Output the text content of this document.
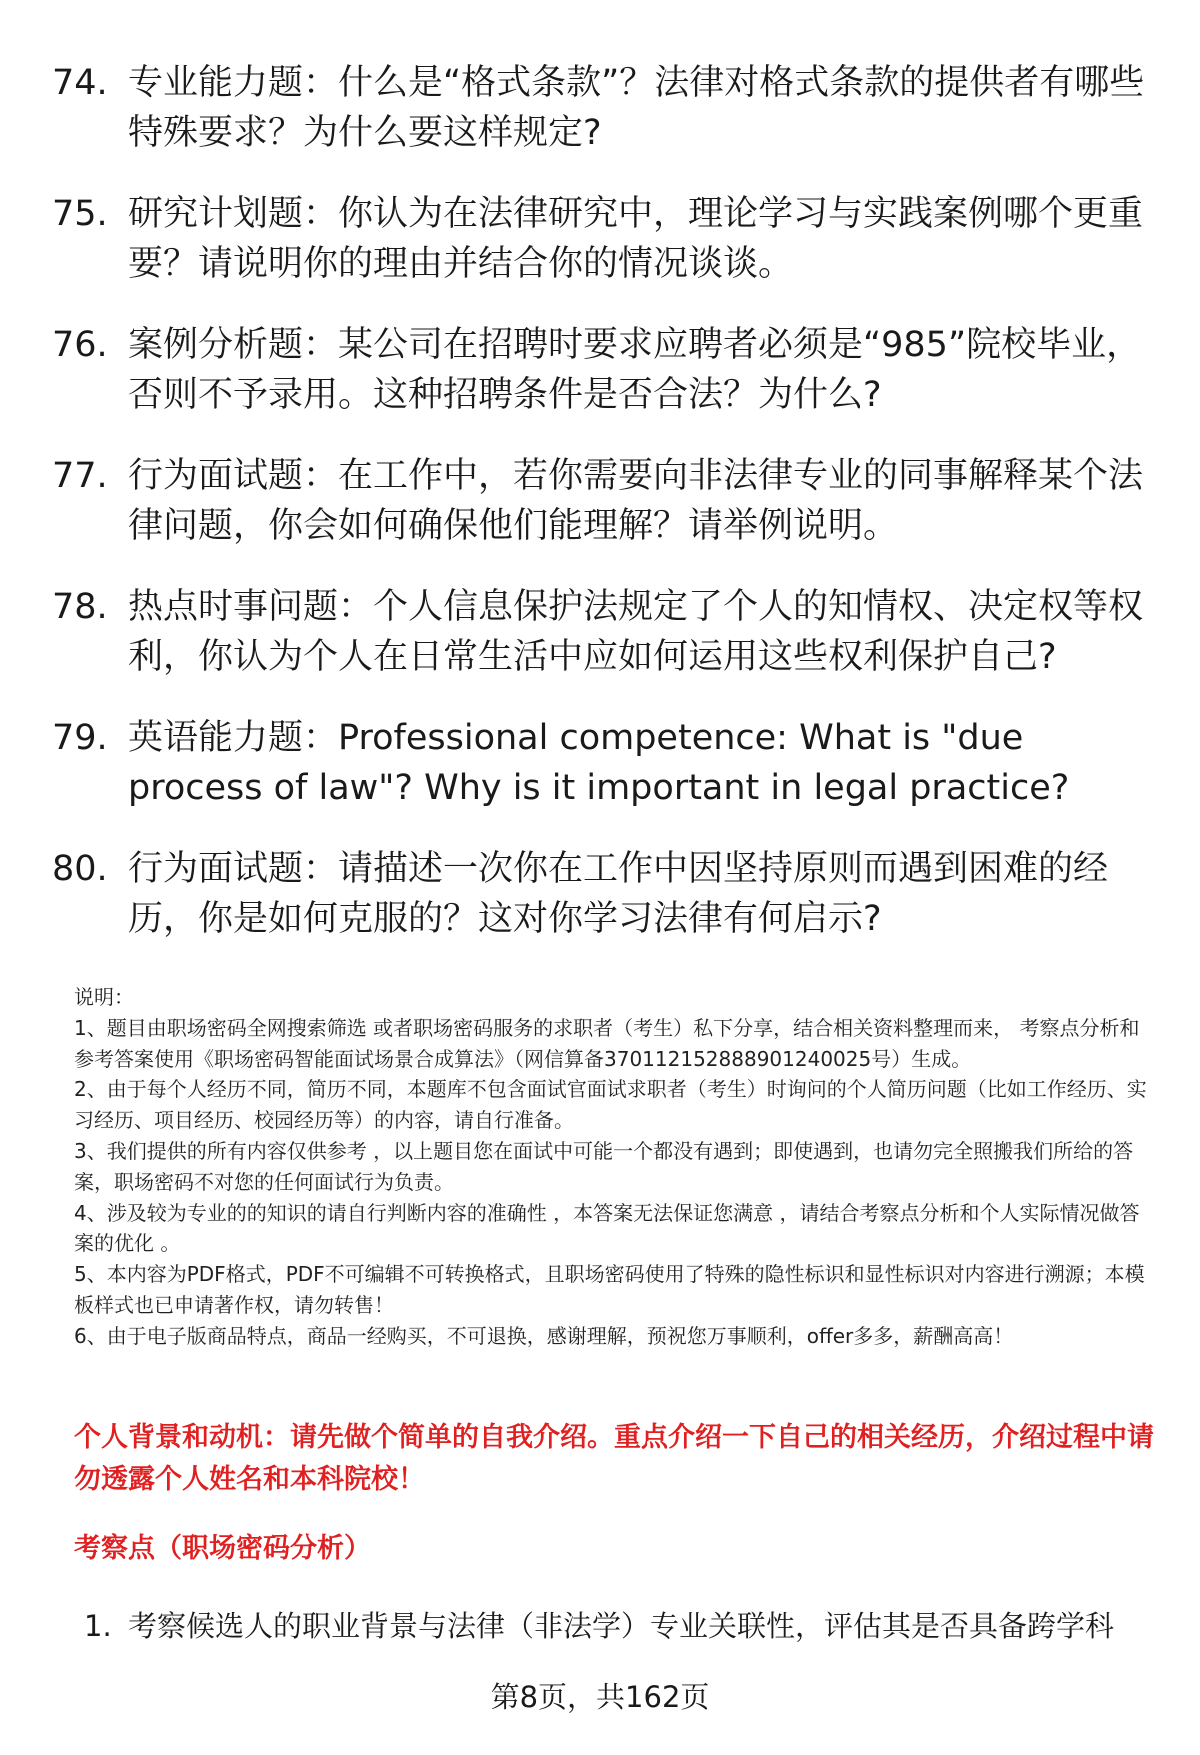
74. 专业能力题：什么是“格式条款”？法律对格式条款的提供者有哪些特殊要求？为什么要这样规定?
75. 研究计划题：你认为在法律研究中，理论学习与实践案例哪个更重要？请说明你的理由并结合你的情况谈谈。
76. 案例分析题：某公司在招聘时要求应聘者必须是“985”院校毕业，否则不予录用。这种招聘条件是否合法？为什么?
77. 行为面试题：在工作中，若你需要向非法律专业的同事解释某个法律问题，你会如何确保他们能理解？请举例说明。
78. 热点时事问题：个人信息保护法规定了个人的知情权、决定权等权利，你认为个人在日常生活中应如何运用这些权利保护自己?
79. 英语能力题：Professional competence: What is "due process of law"? Why is it important in legal practice?
80. 行为面试题：请描述一次你在工作中因坚持原则而遇到困难的经历，你是如何克服的？这对你学习法律有何启示?

说明：

1、题目由职场密码全网搜索筛选 或者职场密码服务的求职者（考生）私下分享，结合相关资料整理而来， 考察点分析和参考答案使用《职场密码智能面试场景合成算法》（网信算备370112152888901240025号）生成。

2、由于每个人经历不同，简历不同，本题库不包含面试官面试求职者（考生）时询问的个人简历问题（比如工作经历、实习经历、项目经历、校园经历等）的内容，请自行准备。

3、我们提供的所有内容仅供参考 ，以上题目您在面试中可能一个都没有遇到；即使遇到，也请勿完全照搬我们所给的答案，职场密码不对您的任何面试行为负责。

4、涉及较为专业的的知识的请自行判断内容的准确性 ，本答案无法保证您满意 ，请结合考察点分析和个人实际情况做答案的优化 。

5、本内容为PDF格式，PDF不可编辑不可转换格式，且职场密码使用了特殊的隐性标识和显性标识对内容进行溯源；本模板样式也已申请著作权，请勿转售！

6、由于电子版商品特点，商品一经购买，不可退换，感谢理解，预祝您万事顺利，offer多多，薪酬高高！

个人背景和动机：请先做个简单的自我介绍。重点介绍一下自己的相关经历，介绍过程中请勿透露个人姓名和本科院校！
考察点（职场密码分析）
1. 考察候选人的职业背景与法律（非法学）专业关联性，评估其是否具备跨学科
第8页，共162页
